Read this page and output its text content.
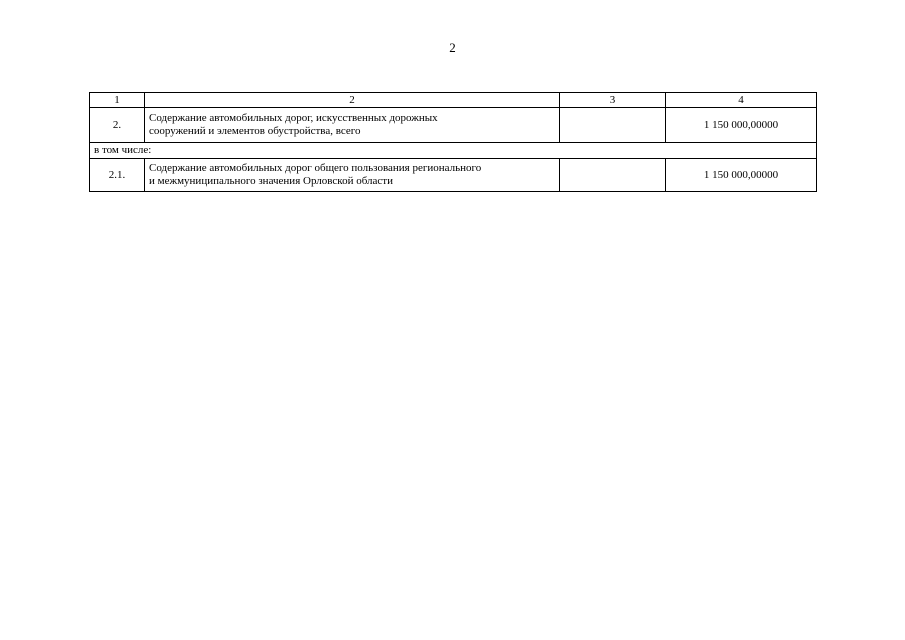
2
1	2	3	4
2.	Содержание автомобильных дорог, искусственных дорожных
сооружений и элементов обустройства, всего		1 150 000,00000
в том числе:			
2.1.	Содержание автомобильных дорог общего пользования регионального
и межмуниципального значения Орловской области		1 150 000,00000
